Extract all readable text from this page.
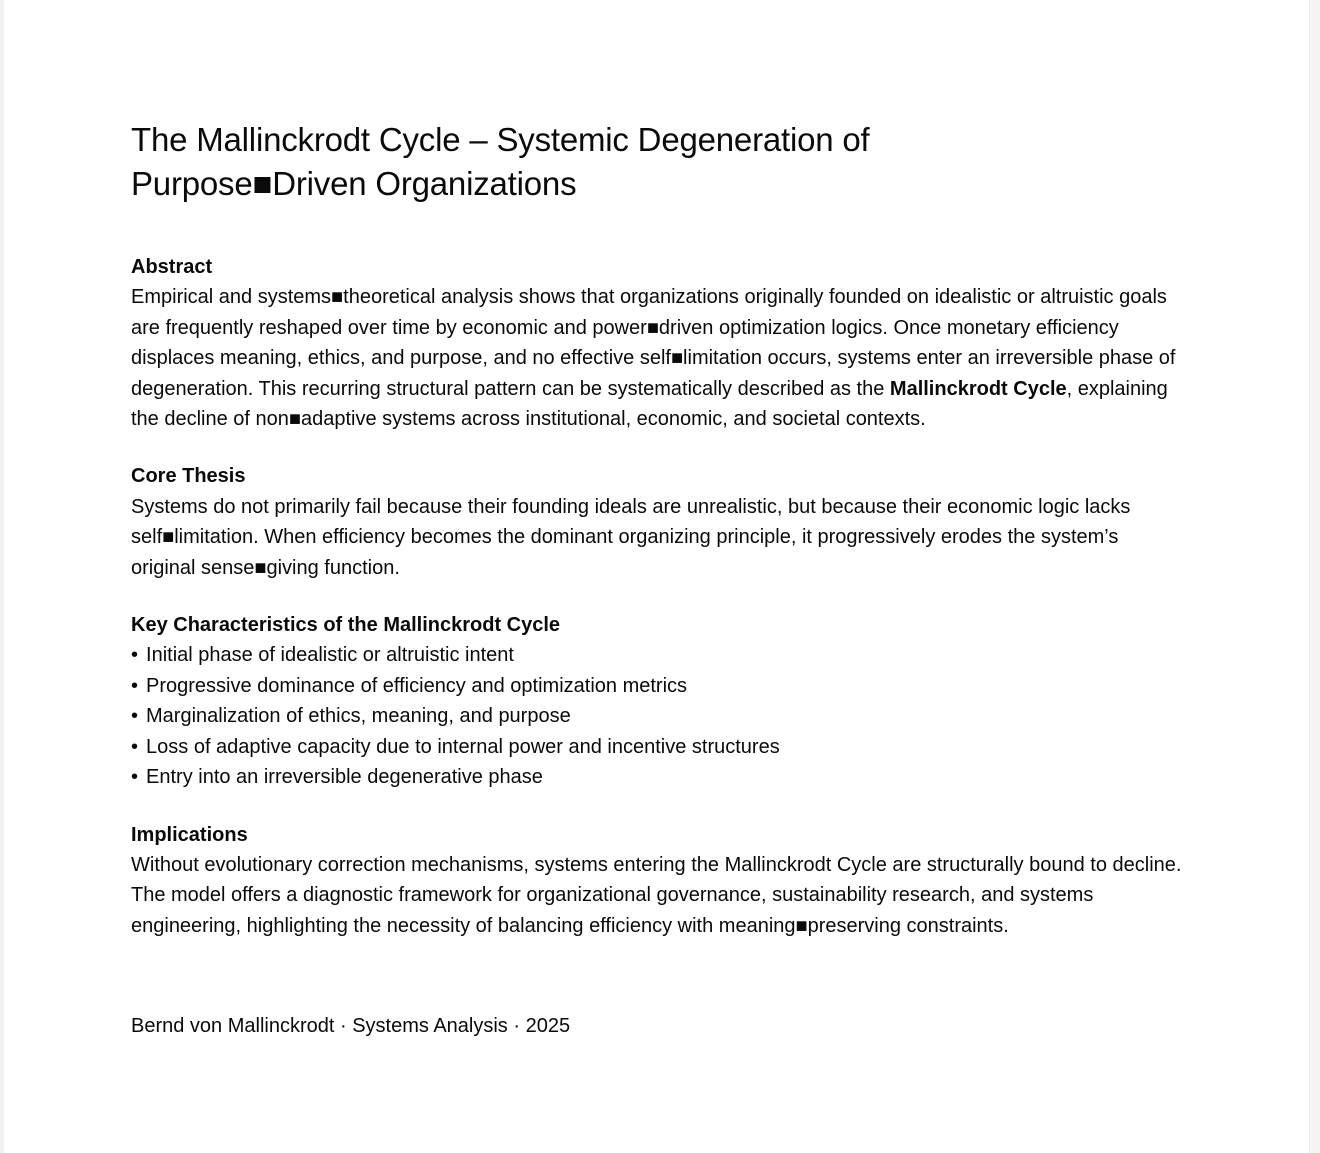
The Mallinckrodt Cycle – Systemic Degeneration of
Purpose■Driven Organizations
Abstract

Empirical and systems■theoretical analysis shows that organizations originally founded on idealistic or altruistic goals are frequently reshaped over time by economic and power■driven optimization logics. Once monetary efficiency displaces meaning, ethics, and purpose, and no effective self■limitation occurs, systems enter an irreversible phase of degeneration. This recurring structural pattern can be systematically described as the Mallinckrodt Cycle, explaining the decline of non■adaptive systems across institutional, economic, and societal contexts.

Core Thesis

Systems do not primarily fail because their founding ideals are unrealistic, but because their economic logic lacks self■limitation. When efficiency becomes the dominant organizing principle, it progressively erodes the system’s original sense■giving function.

Key Characteristics of the Mallinckrodt Cycle
• Initial phase of idealistic or altruistic intent
• Progressive dominance of efficiency and optimization metrics
• Marginalization of ethics, meaning, and purpose
• Loss of adaptive capacity due to internal power and incentive structures
• Entry into an irreversible degenerative phase
Implications

Without evolutionary correction mechanisms, systems entering the Mallinckrodt Cycle are structurally bound to decline. The model offers a diagnostic framework for organizational governance, sustainability research, and systems engineering, highlighting the necessity of balancing efficiency with meaning■preserving constraints.

Bernd von Mallinckrodt · Systems Analysis · 2025
